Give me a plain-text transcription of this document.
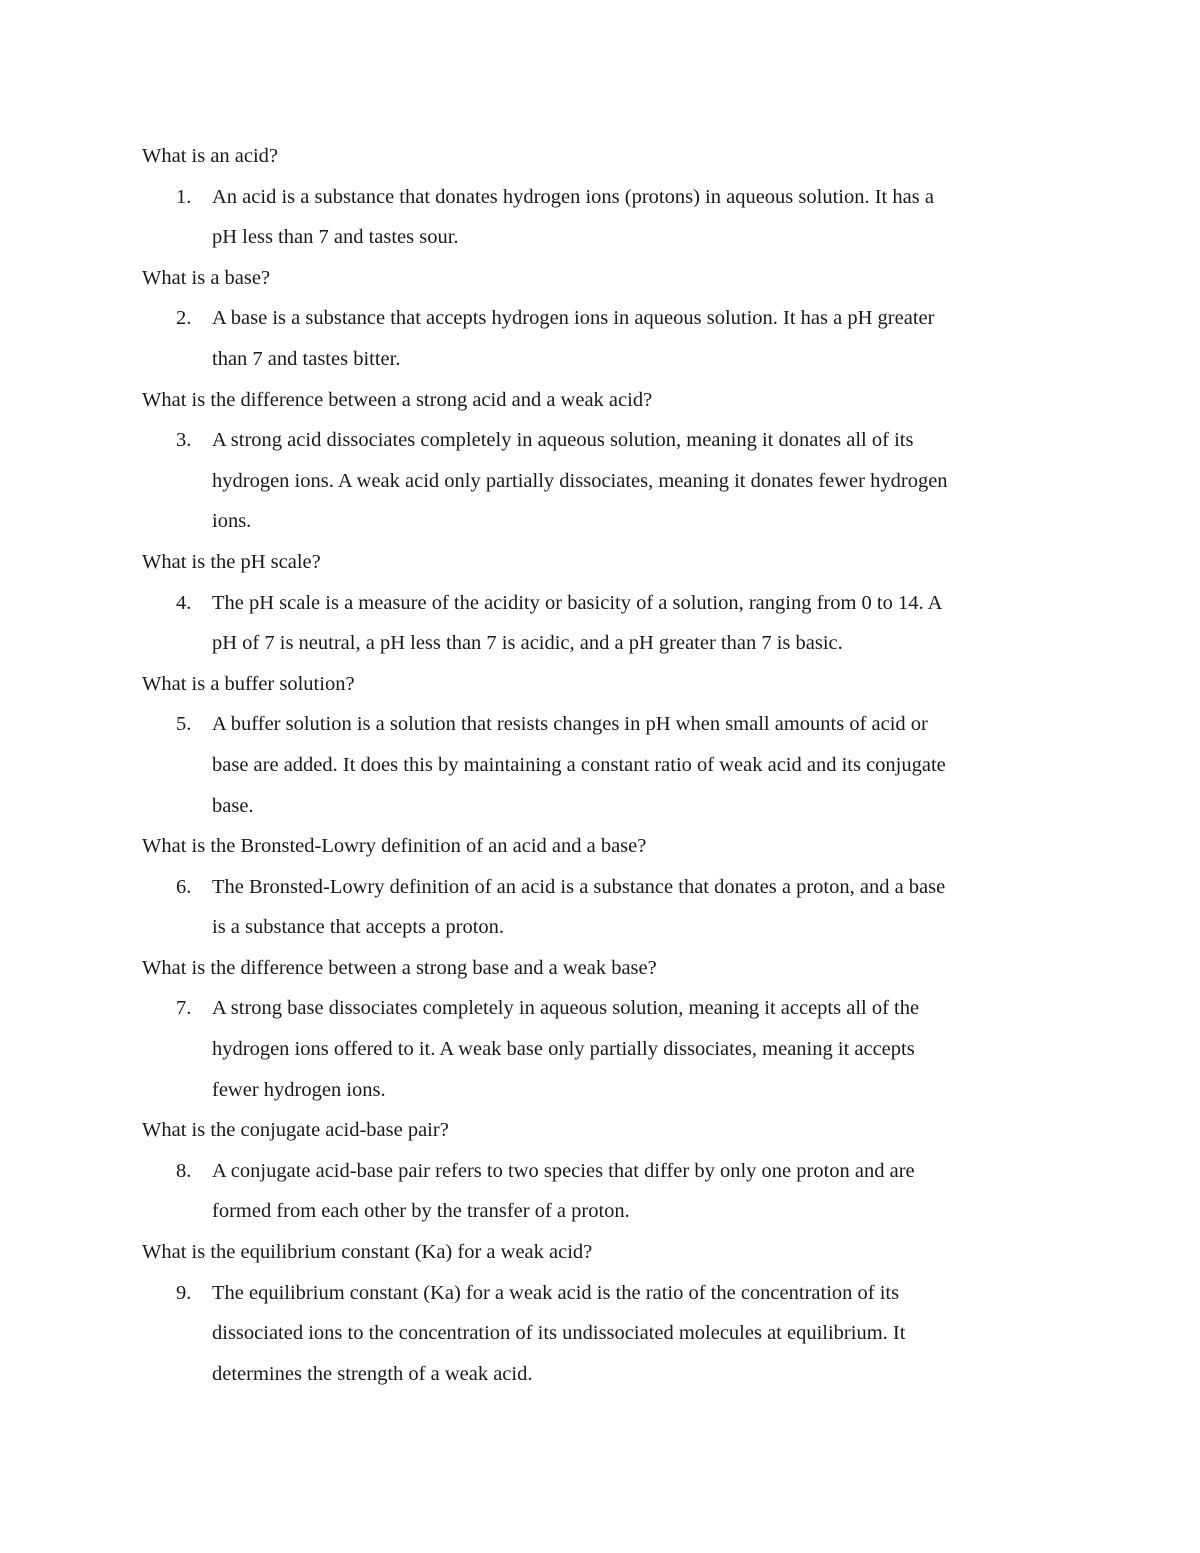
What is an acid?

1.	An acid is a substance that donates hydrogen ions (protons) in aqueous solution. It has a
pH less than 7 and tastes sour.

What is a base?

2.	A base is a substance that accepts hydrogen ions in aqueous solution. It has a pH greater
than 7 and tastes bitter.

What is the difference between a strong acid and a weak acid?

3.	A strong acid dissociates completely in aqueous solution, meaning it donates all of its
hydrogen ions. A weak acid only partially dissociates, meaning it donates fewer hydrogen
ions.

What is the pH scale?

4.	The pH scale is a measure of the acidity or basicity of a solution, ranging from 0 to 14. A
pH of 7 is neutral, a pH less than 7 is acidic, and a pH greater than 7 is basic.

What is a buffer solution?

5.	A buffer solution is a solution that resists changes in pH when small amounts of acid or
base are added. It does this by maintaining a constant ratio of weak acid and its conjugate
base.

What is the Bronsted-Lowry definition of an acid and a base?

6.	The Bronsted-Lowry definition of an acid is a substance that donates a proton, and a base
is a substance that accepts a proton.

What is the difference between a strong base and a weak base?

7.	A strong base dissociates completely in aqueous solution, meaning it accepts all of the
hydrogen ions offered to it. A weak base only partially dissociates, meaning it accepts
fewer hydrogen ions.

What is the conjugate acid-base pair?

8.	A conjugate acid-base pair refers to two species that differ by only one proton and are
formed from each other by the transfer of a proton.

What is the equilibrium constant (Ka) for a weak acid?

9.	The equilibrium constant (Ka) for a weak acid is the ratio of the concentration of its
dissociated ions to the concentration of its undissociated molecules at equilibrium. It
determines the strength of a weak acid.
